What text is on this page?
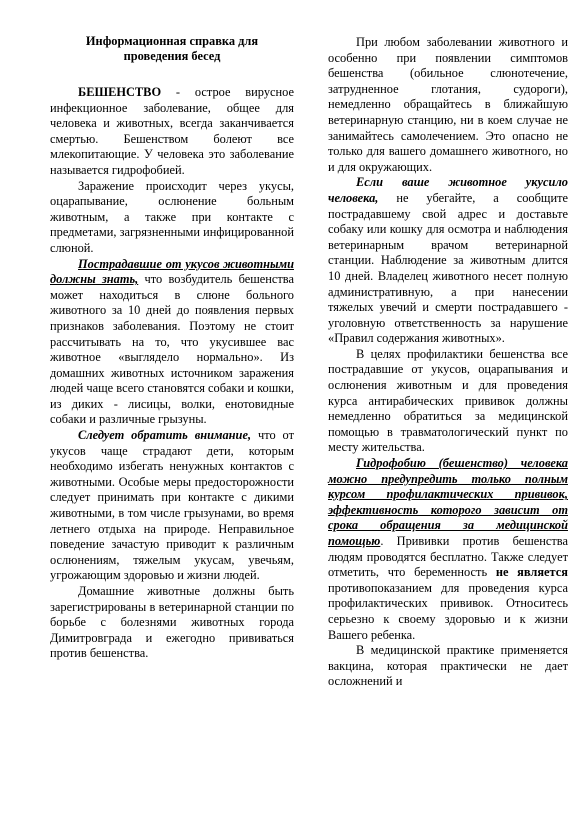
Информационная справка для
проведения бесед

БЕШЕНСТВО - острое вирусное инфекционное заболевание, общее для человека и животных, всегда заканчивается смертью. Бешенством болеют все млекопитающие. У человека это заболевание называется гидрофобией.

Заражение происходит через укусы, оцарапывание, ослюнение больным животным, а также при контакте с предметами, загрязненными инфицированной слюной.

Пострадавшие от укусов животными должны знать, что возбудитель бешенства может находиться в слюне больного животного за 10 дней до появления первых признаков заболевания. Поэтому не стоит рассчитывать на то, что укусившее вас животное «выглядело нормально». Из домашних животных источником заражения людей чаще всего становятся собаки и кошки, из диких - лисицы, волки, енотовидные собаки и различные грызуны.

Следует обратить внимание, что от укусов чаще страдают дети, которым необходимо избегать ненужных контактов с животными. Особые меры предосторожности следует принимать при контакте с дикими животными, в том числе грызунами, во время летнего отдыха на природе. Неправильное поведение зачастую приводит к различным ослюнениям, тяжелым укусам, увечьям, угрожающим здоровью и жизни людей.

Домашние животные должны быть зарегистрированы в ветеринарной станции по борьбе с болезнями животных города Димитровграда и ежегодно прививаться против бешенства.

При любом заболевании животного и особенно при появлении симптомов бешенства (обильное слюнотечение, затрудненное глотания, судороги), немедленно обращайтесь в ближайшую ветеринарную станцию, ни в коем случае не занимайтесь самолечением. Это опасно не только для вашего домашнего животного, но и для окружающих.

Если ваше животное укусило человека, не убегайте, а сообщите пострадавшему свой адрес и доставьте собаку или кошку для осмотра и наблюдения ветеринарным врачом ветеринарной станции. Наблюдение за животным длится 10 дней. Владелец животного несет полную административную, а при нанесении тяжелых увечий и смерти пострадавшего - уголовную ответственность за нарушение «Правил содержания животных».

В целях профилактики бешенства все пострадавшие от укусов, оцарапывания и ослюнения животным и для проведения курса антирабических прививок должны немедленно обратиться за медицинской помощью в травматологический пункт по месту жительства.

Гидрофобию (бешенство) человека можно предупредить только полным курсом профилактических прививок, эффективность которого зависит от срока обращения за медицинской помощью. Прививки против бешенства людям проводятся бесплатно. Также следует отметить, что беременность не является противопоказанием для проведения курса профилактических прививок. Относитесь серьезно к своему здоровью и к жизни Вашего ребенка.

В медицинской практике применяется вакцина, которая практически не дает осложнений и
